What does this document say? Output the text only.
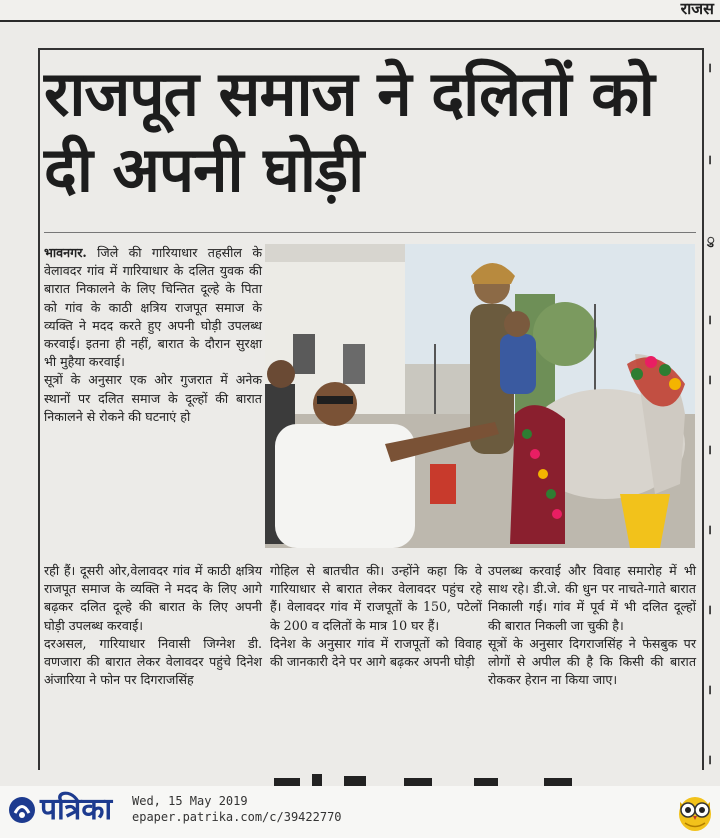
राजस
।
।
ु
।
।
।
।
।
।
।
राजपूत समाज ने दलितों को दी अपनी घोड़ी

भावनगर. जिले की गारियाधार तहसील के वेलावदर गांव में गारियाधार के दलित युवक की बारात निकालने के लिए चिन्तित दूल्हे के पिता को गांव के काठी क्षत्रिय राजपूत समाज के व्यक्ति ने मदद करते हुए अपनी घोड़ी उपलब्ध करवाई। इतना ही नहीं, बारात के दौरान सुरक्षा भी मुहैया करवाई।

सूत्रों के अनुसार एक ओर गुजरात में अनेक स्थानों पर दलित समाज के दूल्हों की बारात निकालने से रोकने की घटनाएं हो

रही हैं। दूसरी ओर,वेलावदर गांव में काठी क्षत्रिय राजपूत समाज के व्यक्ति ने मदद के लिए आगे बढ़कर दलित दूल्हे की बारात के लिए अपनी घोड़ी उपलब्ध करवाई।

दरअसल, गारियाधार निवासी जिग्नेश डी. वणजारा की बारात लेकर वेलावदर पहुंचे दिनेश अंजारिया ने फोन पर दिगराजसिंह

गोहिल से बातचीत की। उन्होंने कहा कि वे गारियाधार से बारात लेकर वेलावदर पहुंच रहे हैं। वेलावदर गांव में राजपूतों के 150, पटेलों के 200 व दलितों के मात्र 10 घर हैं।

दिनेश के अनुसार गांव में राजपूतों को विवाह की जानकारी देने पर आगे बढ़कर अपनी घोड़ी

उपलब्ध करवाई और विवाह समारोह में भी साथ रहे। डी.जे. की धुन पर नाचते-गाते बारात निकाली गई। गांव में पूर्व में भी दलित दूल्हों की बारात निकली जा चुकी है।

सूत्रों के अनुसार दिगराजसिंह ने फेसबुक पर लोगों से अपील की है कि किसी की बारात रोककर हेरान ना किया जाए।

पत्रिका Wed, 15 May 2019
epaper.patrika.com/c/39422770
